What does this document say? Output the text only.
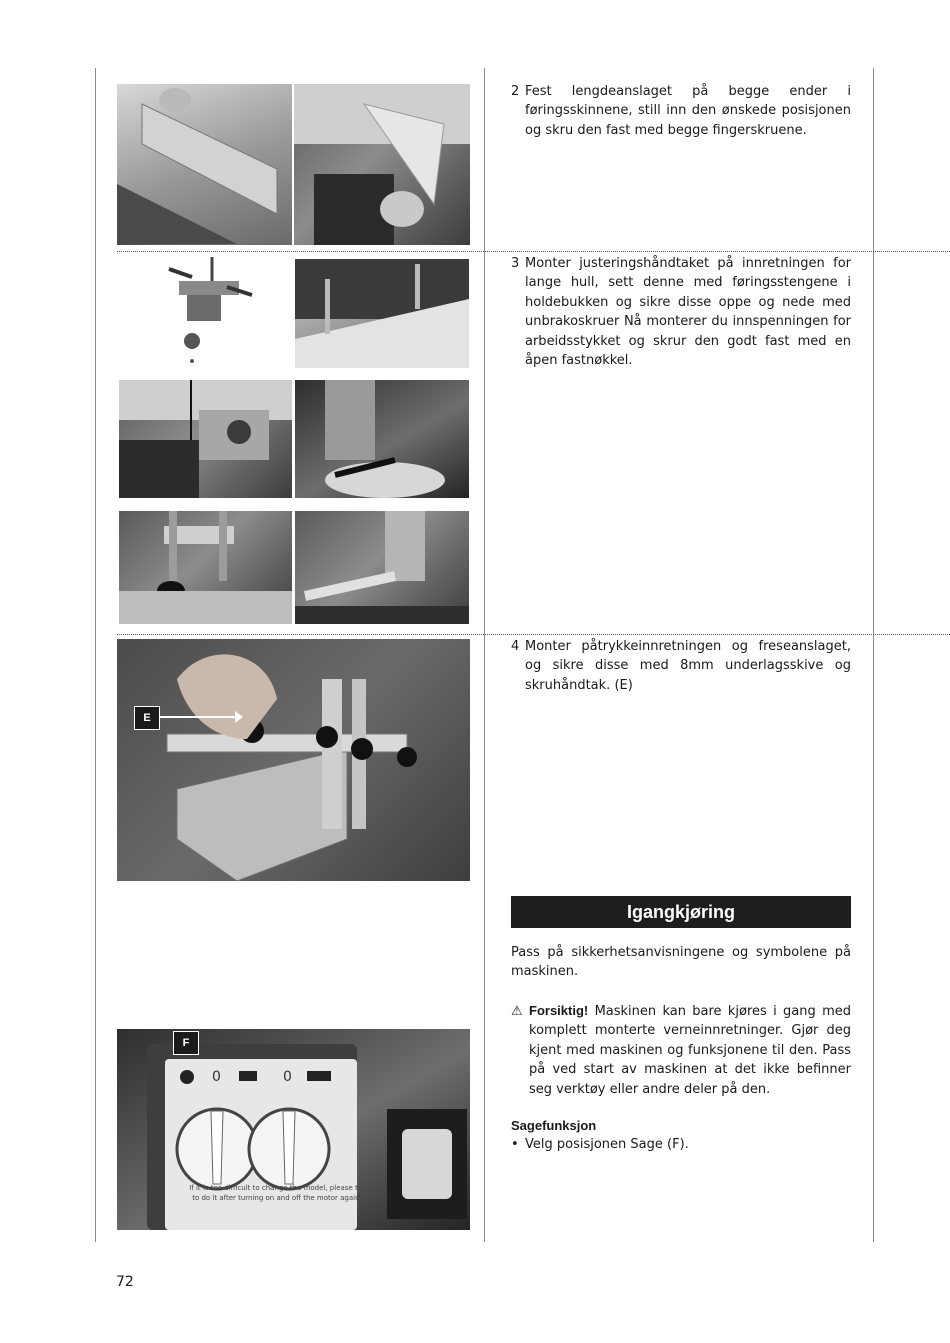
E
0	0
If it is too difficult to change the model, please try
to do it after turning on and off the motor again.
F
2 Fest lengdeanslaget på begge ender i føringsskinnene, still inn den ønskede posisjonen og skru den fast med begge fingerskruene.
3 Monter justeringshåndtaket på innretningen for lange hull, sett denne med føringsstengene i holdebukken og sikre disse oppe og nede med unbrakoskruer Nå monterer du innspenningen for arbeidsstykket og skrur den godt fast med en åpen fastnøkkel.
4 Monter påtrykkeinnretningen og freseanslaget, og sikre disse med 8mm underlagsskive og skruhåndtak. (E)
Igangkjøring
Pass på sikkerhetsanvisningene og symbolene på maskinen.
⚠ Forsiktig! Maskinen kan bare kjøres i gang med komplett monterte verneinnretninger. Gjør deg kjent med maskinen og funksjonene til den. Pass på ved start av maskinen at det ikke befinner seg verktøy eller andre deler på den.
Sagefunksjon
• Velg posisjonen Sage (F).
72
